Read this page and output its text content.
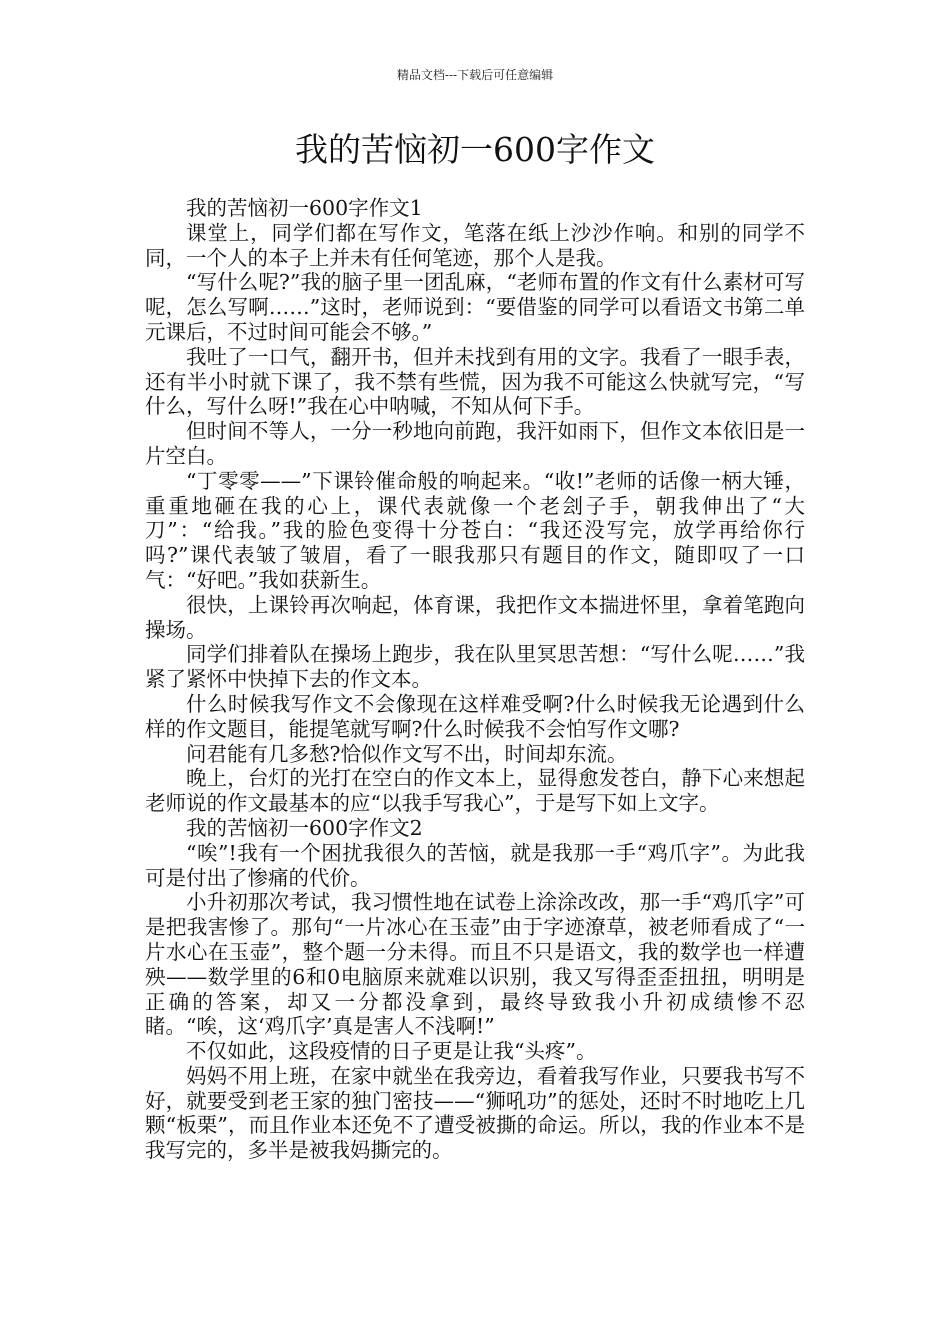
精品文档---下载后可任意编辑
我的苦恼初一600字作文

我的苦恼初一600字作文1

课堂上，同学们都在写作文，笔落在纸上沙沙作响。和别的同学不同，一个人的本子上并未有任何笔迹，那个人是我。

“写什么呢?”我的脑子里一团乱麻，“老师布置的作文有什么素材可写呢，怎么写啊……”这时，老师说到：“要借鉴的同学可以看语文书第二单元课后，不过时间可能会不够。”

我吐了一口气，翻开书，但并未找到有用的文字。我看了一眼手表，还有半小时就下课了，我不禁有些慌，因为我不可能这么快就写完，“写什么，写什么呀!”我在心中呐喊，不知从何下手。

但时间不等人，一分一秒地向前跑，我汗如雨下，但作文本依旧是一片空白。

“丁零零——”下课铃催命般的响起来。“收!”老师的话像一柄大锤，重重地砸在我的心上，课代表就像一个老刽子手，朝我伸出了“大刀”：“给我。”我的脸色变得十分苍白：“我还没写完，放学再给你行吗?”课代表皱了皱眉，看了一眼我那只有题目的作文，随即叹了一口气：“好吧。”我如获新生。

很快，上课铃再次响起，体育课，我把作文本揣进怀里，拿着笔跑向操场。

同学们排着队在操场上跑步，我在队里冥思苦想：“写什么呢……”我紧了紧怀中快掉下去的作文本。

什么时候我写作文不会像现在这样难受啊?什么时候我无论遇到什么样的作文题目，能提笔就写啊?什么时候我不会怕写作文哪?

问君能有几多愁?恰似作文写不出，时间却东流。

晚上，台灯的光打在空白的作文本上，显得愈发苍白，静下心来想起老师说的作文最基本的应“以我手写我心”，于是写下如上文字。

我的苦恼初一600字作文2

“唉”!我有一个困扰我很久的苦恼，就是我那一手“鸡爪字”。为此我可是付出了惨痛的代价。

小升初那次考试，我习惯性地在试卷上涂涂改改，那一手“鸡爪字”可是把我害惨了。那句“一片冰心在玉壶”由于字迹潦草，被老师看成了“一片水心在玉壶”，整个题一分未得。而且不只是语文，我的数学也一样遭殃——数学里的6和0电脑原来就难以识别，我又写得歪歪扭扭，明明是正确的答案，却又一分都没拿到，最终导致我小升初成绩惨不忍睹。“唉，这‘鸡爪字’真是害人不浅啊!”

不仅如此，这段疫情的日子更是让我“头疼”。

妈妈不用上班，在家中就坐在我旁边，看着我写作业，只要我书写不好，就要受到老王家的独门密技——“狮吼功”的惩处，还时不时地吃上几颗“板栗”，而且作业本还免不了遭受被撕的命运。所以，我的作业本不是我写完的，多半是被我妈撕完的。
